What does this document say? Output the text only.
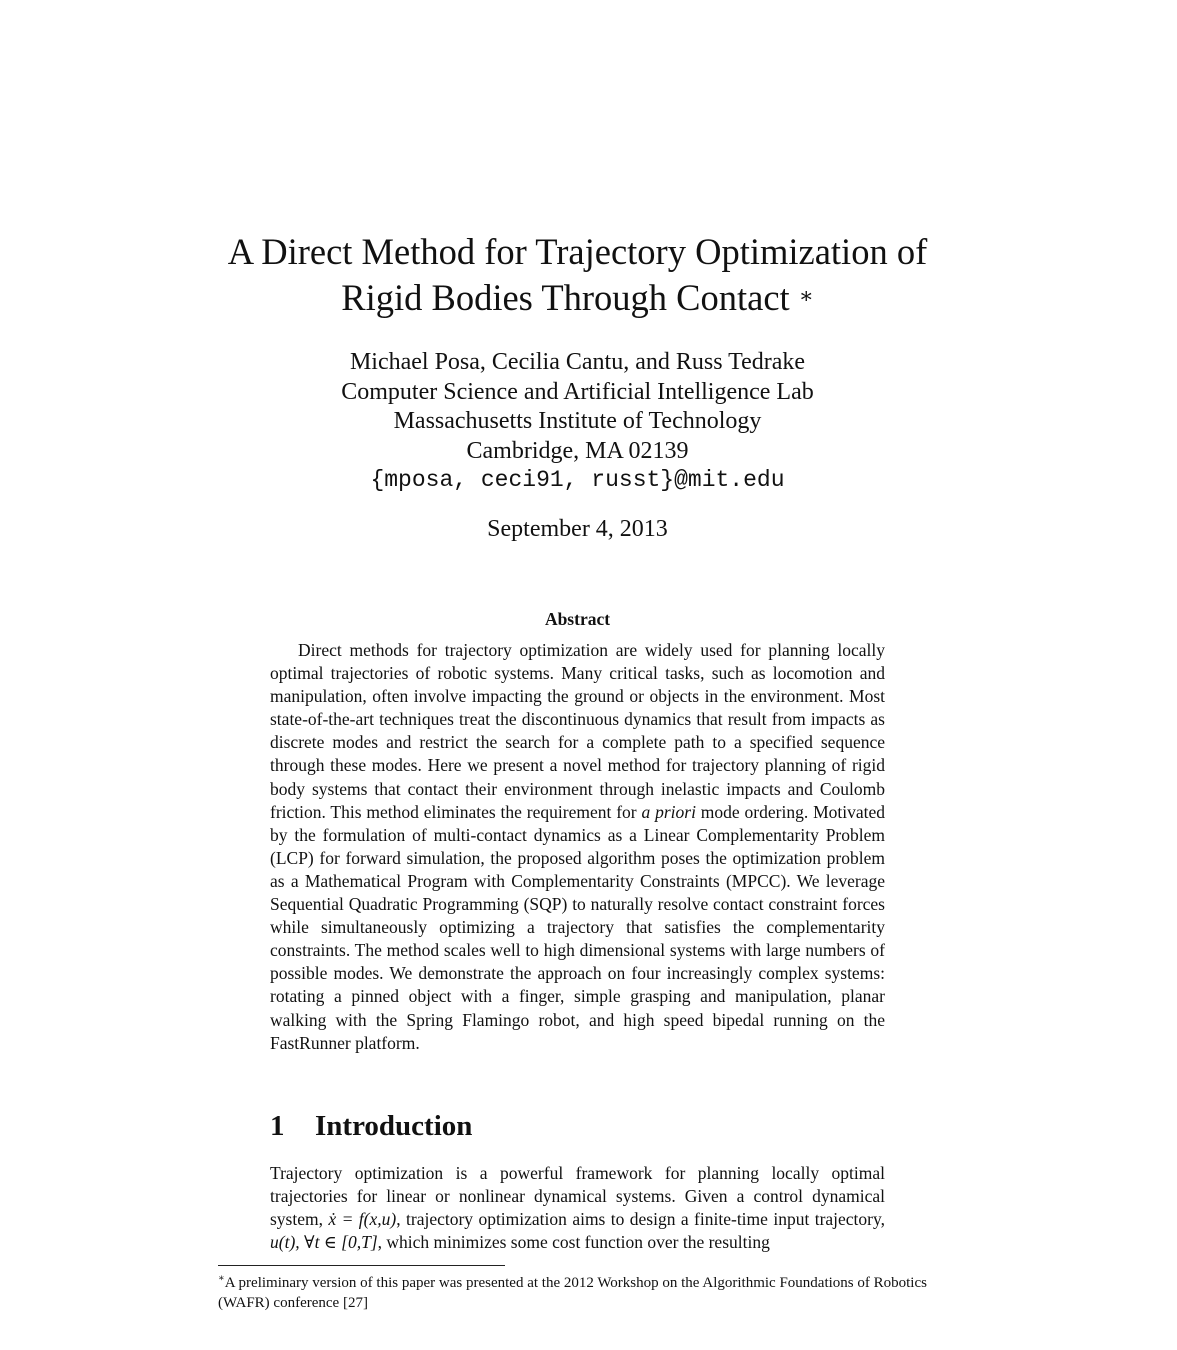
A Direct Method for Trajectory Optimization of
Rigid Bodies Through Contact ∗
Michael Posa, Cecilia Cantu, and Russ Tedrake
Computer Science and Artificial Intelligence Lab
Massachusetts Institute of Technology
Cambridge, MA 02139
{mposa, ceci91, russt}@mit.edu
September 4, 2013
Abstract

Direct methods for trajectory optimization are widely used for planning locally optimal trajectories of robotic systems. Many critical tasks, such as locomotion and manipulation, often involve impacting the ground or objects in the environment. Most state-of-the-art techniques treat the discontinuous dynamics that result from impacts as discrete modes and restrict the search for a complete path to a specified sequence through these modes. Here we present a novel method for trajectory planning of rigid body systems that contact their environment through inelastic impacts and Coulomb friction. This method eliminates the requirement for a priori mode ordering. Motivated by the formulation of multi-contact dynamics as a Linear Complementarity Problem (LCP) for forward simulation, the proposed algorithm poses the optimization problem as a Mathematical Program with Complementarity Constraints (MPCC). We leverage Sequential Quadratic Programming (SQP) to naturally resolve contact constraint forces while simultaneously optimizing a trajectory that satisfies the complementarity constraints. The method scales well to high dimensional systems with large numbers of possible modes. We demonstrate the approach on four increasingly complex systems: rotating a pinned object with a finger, simple grasping and manipulation, planar walking with the Spring Flamingo robot, and high speed bipedal running on the FastRunner platform.

1 Introduction

Trajectory optimization is a powerful framework for planning locally optimal trajectories for linear or nonlinear dynamical systems. Given a control dynamical system, ẋ = f(x,u), trajectory optimization aims to design a finite-time input trajectory, u(t), ∀t ∈ [0,T], which minimizes some cost function over the resulting

∗A preliminary version of this paper was presented at the 2012 Workshop on the Algorithmic Foundations of Robotics (WAFR) conference [27]
